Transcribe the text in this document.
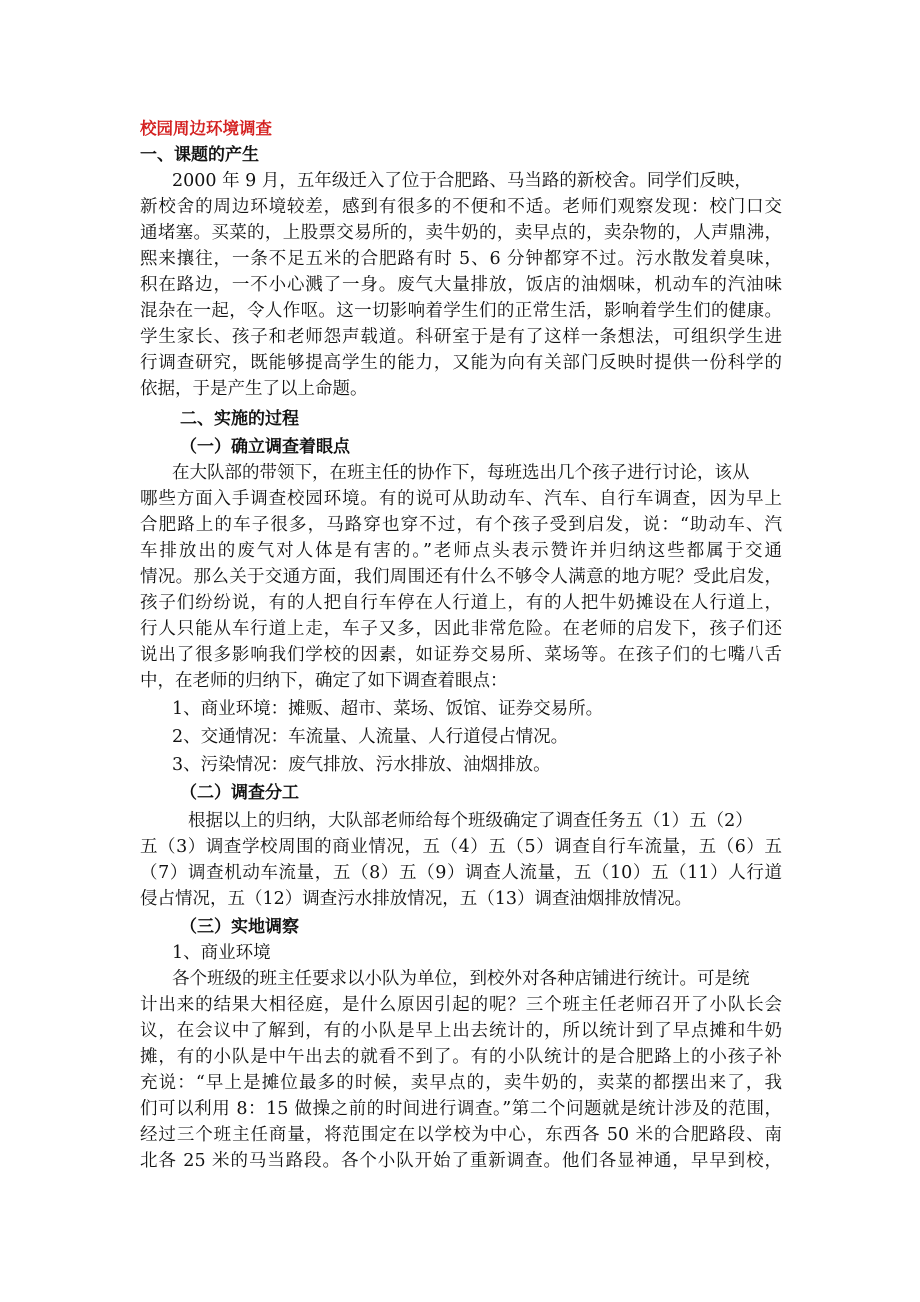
校园周边环境调查
一、课题的产生
2000 年 9 月，五年级迁入了位于合肥路、马当路的新校舍。同学们反映，
新校舍的周边环境较差，感到有很多的不便和不适。老师们观察发现：校门口交
通堵塞。买菜的，上股票交易所的，卖牛奶的，卖早点的，卖杂物的，人声鼎沸，
熙来攘往，一条不足五米的合肥路有时 5、6 分钟都穿不过。污水散发着臭味，
积在路边，一不小心溅了一身。废气大量排放，饭店的油烟味，机动车的汽油味
混杂在一起，令人作呕。这一切影响着学生们的正常生活，影响着学生们的健康。
学生家长、孩子和老师怨声载道。科研室于是有了这样一条想法，可组织学生进
行调查研究，既能够提高学生的能力，又能为向有关部门反映时提供一份科学的
依据，于是产生了以上命题。
二、实施的过程
（一）确立调查着眼点
在大队部的带领下，在班主任的协作下，每班选出几个孩子进行讨论，该从
哪些方面入手调查校园环境。有的说可从助动车、汽车、自行车调查，因为早上
合肥路上的车子很多，马路穿也穿不过，有个孩子受到启发，说：“助动车、汽
车排放出的废气对人体是有害的。”老师点头表示赞许并归纳这些都属于交通
情况。那么关于交通方面，我们周围还有什么不够令人满意的地方呢？受此启发，
孩子们纷纷说，有的人把自行车停在人行道上，有的人把牛奶摊设在人行道上，
行人只能从车行道上走，车子又多，因此非常危险。在老师的启发下，孩子们还
说出了很多影响我们学校的因素，如证券交易所、菜场等。在孩子们的七嘴八舌
中，在老师的归纳下，确定了如下调查着眼点：
1、商业环境：摊贩、超市、菜场、饭馆、证券交易所。
2、交通情况：车流量、人流量、人行道侵占情况。
3、污染情况：废气排放、污水排放、油烟排放。
（二）调查分工
根据以上的归纳，大队部老师给每个班级确定了调查任务五（1）五（2）
五（3）调查学校周围的商业情况，五（4）五（5）调查自行车流量，五（6）五
（7）调查机动车流量，五（8）五（9）调查人流量，五（10）五（11）人行道
侵占情况，五（12）调查污水排放情况，五（13）调查油烟排放情况。
（三）实地调察
1、商业环境
各个班级的班主任要求以小队为单位，到校外对各种店铺进行统计。可是统
计出来的结果大相径庭，是什么原因引起的呢？三个班主任老师召开了小队长会
议，在会议中了解到，有的小队是早上出去统计的，所以统计到了早点摊和牛奶
摊，有的小队是中午出去的就看不到了。有的小队统计的是合肥路上的小孩子补
充说：“早上是摊位最多的时候，卖早点的，卖牛奶的，卖菜的都摆出来了，我
们可以利用 8：15 做操之前的时间进行调查。”第二个问题就是统计涉及的范围，
经过三个班主任商量，将范围定在以学校为中心，东西各 50 米的合肥路段、南
北各 25 米的马当路段。各个小队开始了重新调查。他们各显神通，早早到校，
